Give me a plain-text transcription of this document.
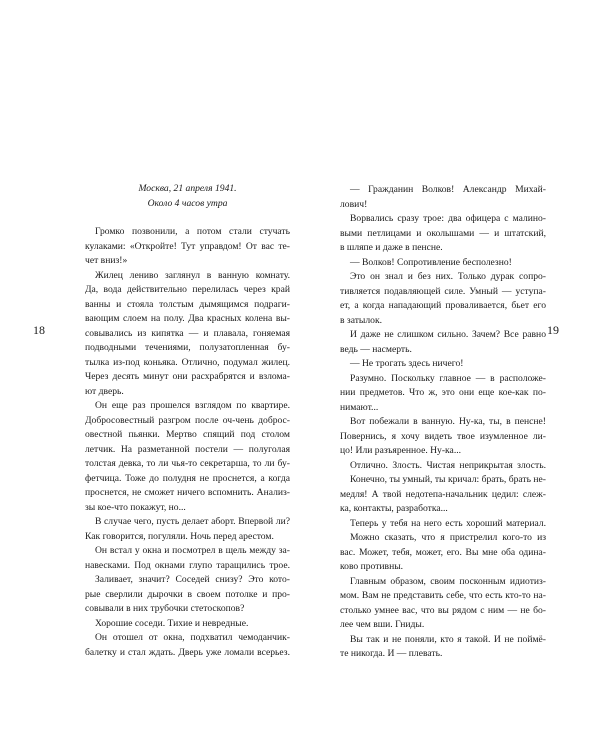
18	19
Москва, 21 апреля 1941.
Около 4 часов утра
Громко позвонили, а потом стали стучать
кулаками: «Откройте! Тут управдом! От вас те-
чет вниз!»
Жилец лениво заглянул в ванную комнату.
Да, вода действительно перелилась через край
ванны и стояла толстым дымящимся подраги-
вающим слоем на полу. Два красных колена вы-
совывались из кипятка — и плавала, гоняемая
подводными течениями, полузатопленная бу-
тылка из-под коньяка. Отлично, подумал жилец.
Через десять минут они расхрабрятся и взлома-
ют дверь.
Он еще раз прошелся взглядом по квартире.
Добросовестный разгром после оч-чень доброс-
овестной пьянки. Мертво спящий под столом
летчик. На разметанной постели — полуголая
толстая девка, то ли чья-то секретарша, то ли бу-
фетчица. Тоже до полудня не проснется, а когда
проснется, не сможет ничего вспомнить. Анализ-
зы кое-что покажут, но...
В случае чего, пусть делает аборт. Впервой ли?
Как говорится, погуляли. Ночь перед арестом.
Он встал у окна и посмотрел в щель между за-
навесками. Под окнами глупо таращились трое.
Заливает, значит? Соседей снизу? Это кото-
рые сверлили дырочки в своем потолке и про-
совывали в них трубочки стетоскопов?
Хорошие соседи. Тихие и невредные.
Он отошел от окна, подхватил чемоданчик-
балетку и стал ждать. Дверь уже ломали всерьез.
— Гражданин Волков! Александр Михай-
лович!
Ворвались сразу трое: два офицера с малино-
выми петлицами и околышами — и штатский,
в шляпе и даже в пенсне.
— Волков! Сопротивление бесполезно!
Это он знал и без них. Только дурак сопро-
тивляется подавляющей силе. Умный — уступа-
ет, а когда нападающий проваливается, бьет его
в затылок.
И даже не слишком сильно. Зачем? Все равно
ведь — насмерть.
— Не трогать здесь ничего!
Разумно. Поскольку главное — в расположе-
нии предметов. Что ж, это они еще кое-как по-
нимают...
Вот побежали в ванную. Ну-ка, ты, в пенсне!
Повернись, я хочу видеть твое изумленное ли-
цо! Или разъяренное. Ну-ка...
Отлично. Злость. Чистая неприкрытая злость.
Конечно, ты умный, ты кричал: брать, брать не-
медля! А твой недотепа-начальник цедил: слеж-
ка, контакты, разработка...
Теперь у тебя на него есть хороший материал.
Можно сказать, что я пристрелил кого-то из
вас. Может, тебя, может, его. Вы мне оба одина-
ково противны.
Главным образом, своим посконным идиотиз-
мом. Вам не представить себе, что есть кто-то на-
столько умнее вас, что вы рядом с ним — не бо-
лее чем вши. Гниды.
Вы так и не поняли, кто я такой. И не поймё-
те никогда. И — плевать.
